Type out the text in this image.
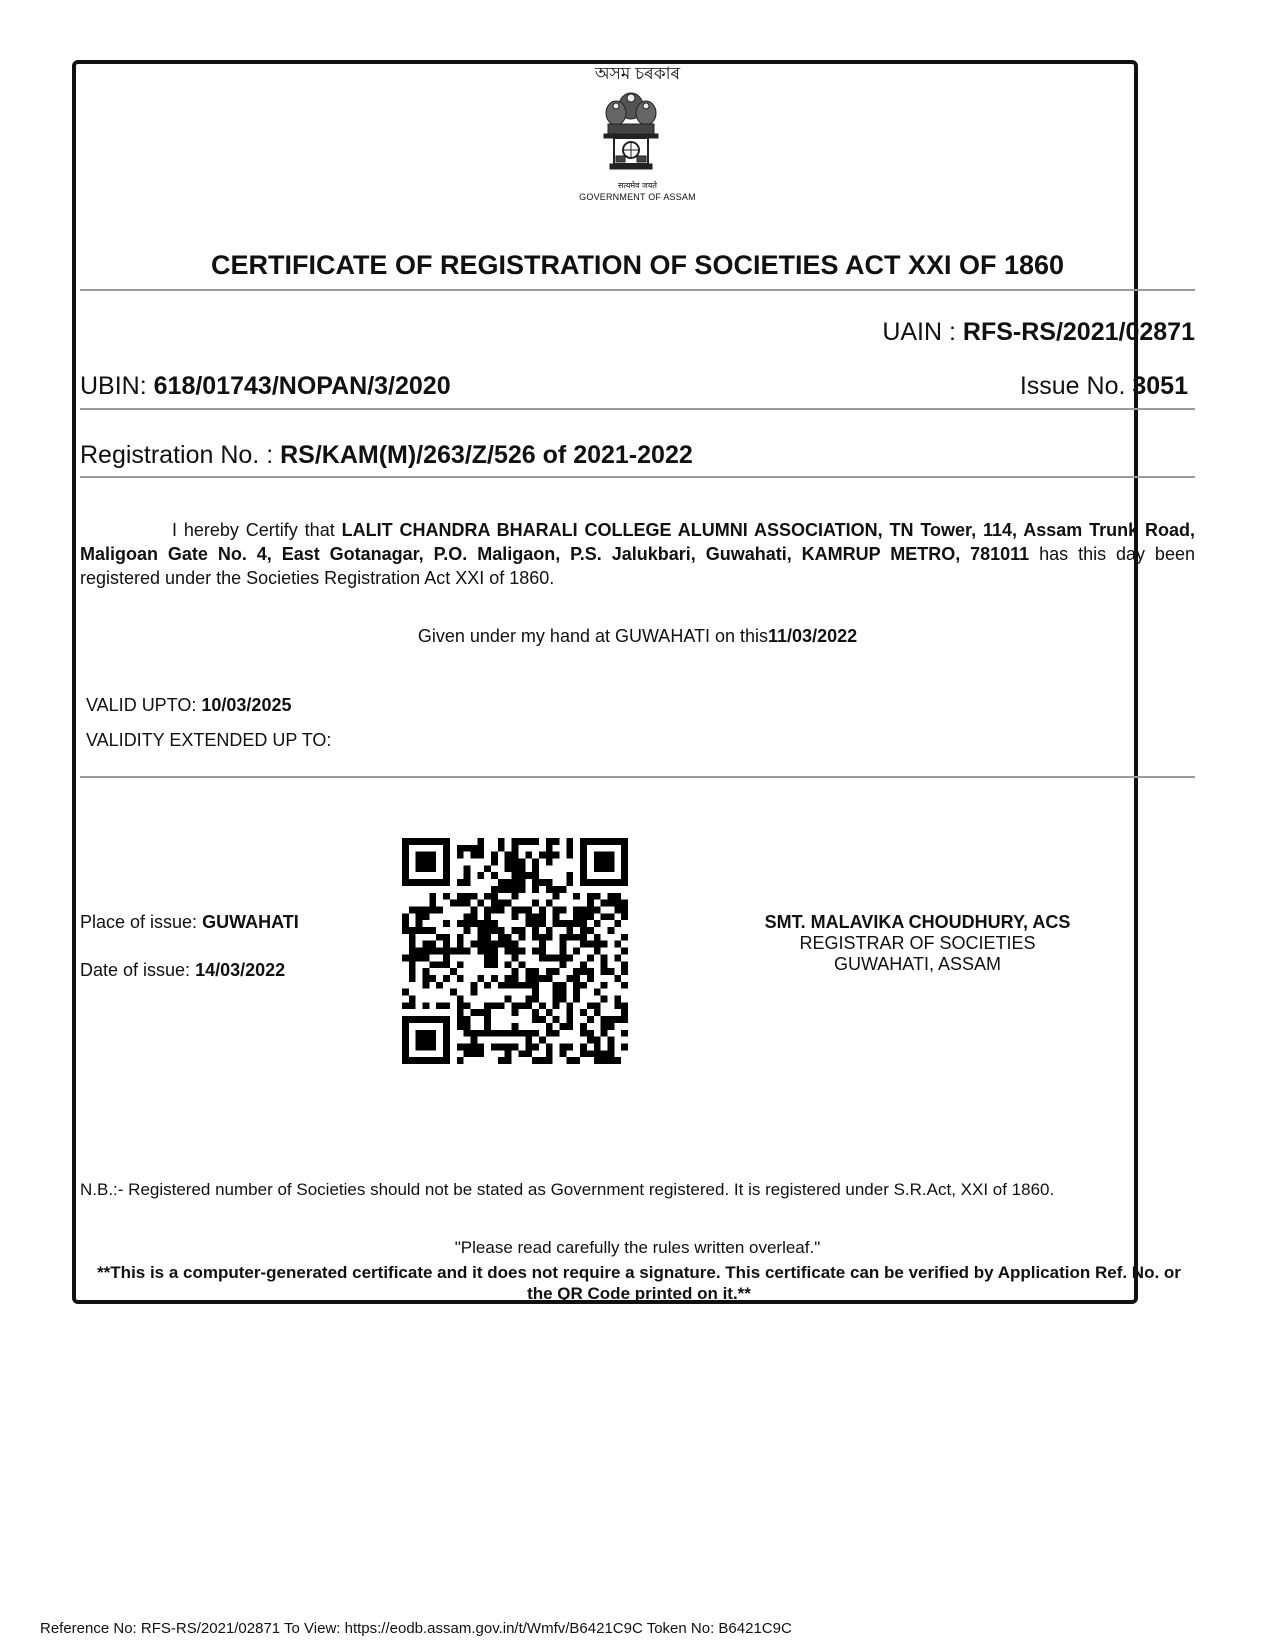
অসম চৰকাৰ
सत्यमेव जयते
GOVERNMENT OF ASSAM
CERTIFICATE OF REGISTRATION OF SOCIETIES ACT XXI OF 1860
UAIN : RFS-RS/2021/02871
UBIN: 618/01743/NOPAN/3/2020	Issue No. 3051
Registration No. : RS/KAM(M)/263/Z/526 of 2021-2022
I hereby Certify that LALIT CHANDRA BHARALI COLLEGE ALUMNI ASSOCIATION, TN Tower, 114, Assam Trunk Road, Maligoan Gate No. 4, East Gotanagar, P.O. Maligaon, P.S. Jalukbari, Guwahati, KAMRUP METRO, 781011 has this day been registered under the Societies Registration Act XXI of 1860.
Given under my hand at GUWAHATI on this11/03/2022
VALID UPTO: 10/03/2025
VALIDITY EXTENDED UP TO:
Place of issue: GUWAHATI
Date of issue: 14/03/2022
SMT. MALAVIKA CHOUDHURY, ACS
REGISTRAR OF SOCIETIES
GUWAHATI, ASSAM
N.B.:- Registered number of Societies should not be stated as Government registered. It is registered under S.R.Act, XXI of 1860.
"Please read carefully the rules written overleaf."
**This is a computer-generated certificate and it does not require a signature. This certificate can be verified by Application Ref. No. or the QR Code printed on it.**
Reference No: RFS-RS/2021/02871 To View: https://eodb.assam.gov.in/t/Wmfv/B6421C9C Token No: B6421C9C
